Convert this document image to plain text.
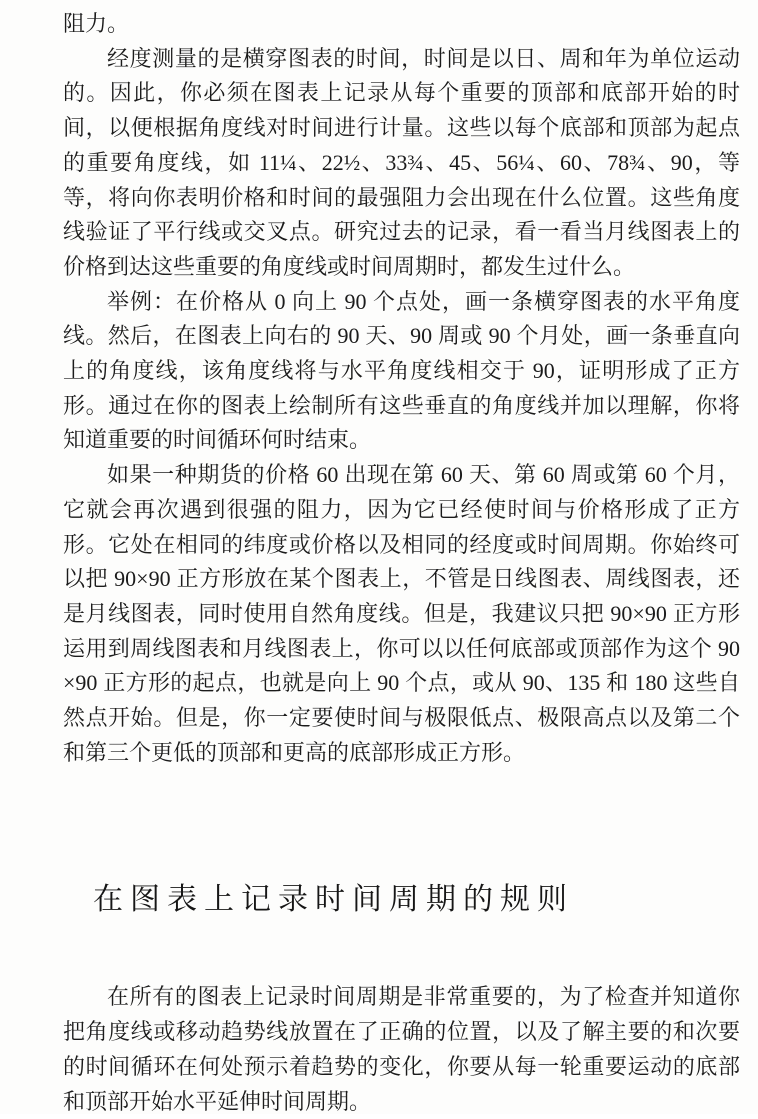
阻力。

经度测量的是横穿图表的时间，时间是以日、周和年为单位运动的。因此，你必须在图表上记录从每个重要的顶部和底部开始的时间，以便根据角度线对时间进行计量。这些以每个底部和顶部为起点的重要角度线，如 11¼、22½、33¾、45、56¼、60、78¾、90，等等，将向你表明价格和时间的最强阻力会出现在什么位置。这些角度线验证了平行线或交叉点。研究过去的记录，看一看当月线图表上的价格到达这些重要的角度线或时间周期时，都发生过什么。

举例：在价格从 0 向上 90 个点处，画一条横穿图表的水平角度线。然后，在图表上向右的 90 天、90 周或 90 个月处，画一条垂直向上的角度线，该角度线将与水平角度线相交于 90，证明形成了正方形。通过在你的图表上绘制所有这些垂直的角度线并加以理解，你将知道重要的时间循环何时结束。

如果一种期货的价格 60 出现在第 60 天、第 60 周或第 60 个月，它就会再次遇到很强的阻力，因为它已经使时间与价格形成了正方形。它处在相同的纬度或价格以及相同的经度或时间周期。你始终可以把 90×90 正方形放在某个图表上，不管是日线图表、周线图表，还是月线图表，同时使用自然角度线。但是，我建议只把 90×90 正方形运用到周线图表和月线图表上，你可以以任何底部或顶部作为这个 90×90 正方形的起点，也就是向上 90 个点，或从 90、135 和 180 这些自然点开始。但是，你一定要使时间与极限低点、极限高点以及第二个和第三个更低的顶部和更高的底部形成正方形。

在图表上记录时间周期的规则

在所有的图表上记录时间周期是非常重要的，为了检查并知道你把角度线或移动趋势线放置在了正确的位置，以及了解主要的和次要的时间循环在何处预示着趋势的变化，你要从每一轮重要运动的底部和顶部开始水平延伸时间周期。
